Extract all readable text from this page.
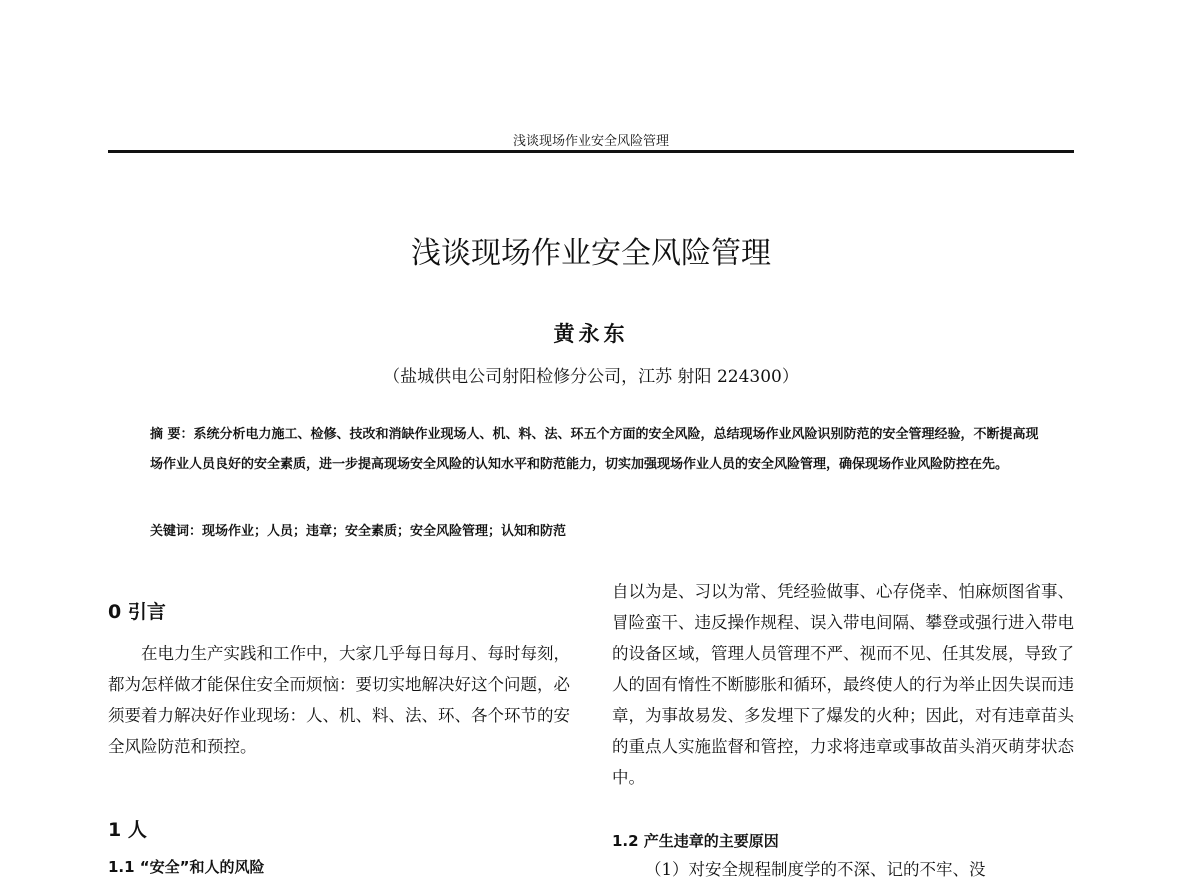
浅谈现场作业安全风险管理
浅谈现场作业安全风险管理
黄永东
（盐城供电公司射阳检修分公司，江苏 射阳 224300）

摘 要：系统分析电力施工、检修、技改和消缺作业现场人、机、料、法、环五个方面的安全风险，总结现场作业风险识别防范的安全管理经验，不断提高现场作业人员良好的安全素质，进一步提高现场安全风险的认知水平和防范能力，切实加强现场作业人员的安全风险管理，确保现场作业风险防控在先。

关键词：现场作业；人员；违章；安全素质；安全风险管理；认知和防范

0 引言

在电力生产实践和工作中，大家几乎每日每月、每时每刻，都为怎样做才能保住安全而烦恼：要切实地解决好这个问题，必须要着力解决好作业现场：人、机、料、法、环、各个环节的安全风险防范和预控。

1 人
1.1 “安全”和人的风险

自以为是、习以为常、凭经验做事、心存侥幸、怕麻烦图省事、冒险蛮干、违反操作规程、误入带电间隔、攀登或强行进入带电的设备区域，管理人员管理不严、视而不见、任其发展，导致了人的固有惰性不断膨胀和循环，最终使人的行为举止因失误而违章，为事故易发、多发埋下了爆发的火种；因此，对有违章苗头的重点人实施监督和管控，力求将违章或事故苗头消灭萌芽状态中。

1.2 产生违章的主要原因

（1）对安全规程制度学的不深、记的不牢、没
